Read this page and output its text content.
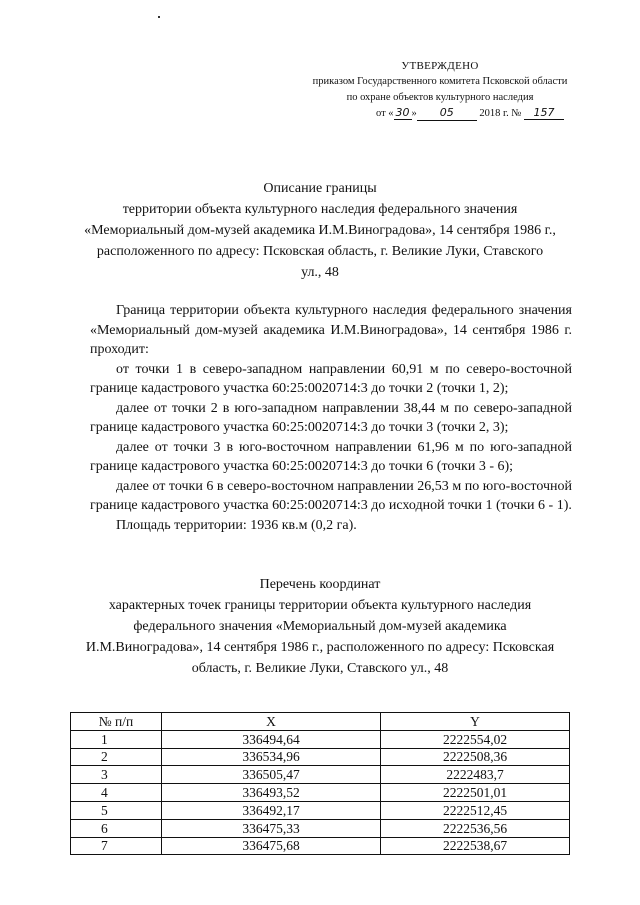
УТВЕРЖДЕНО
приказом Государственного комитета Псковской области
по охране объектов культурного наследия
от « 30 » 05 2018 г. № 157
Описание границы
территории объекта культурного наследия федерального значения
«Мемориальный дом-музей академика И.М.Виноградова», 14 сентября 1986 г.,
расположенного по адресу: Псковская область, г. Великие Луки, Ставского
ул., 48

Граница территории объекта культурного наследия федерального значения «Мемориальный дом-музей академика И.М.Виноградова», 14 сентября 1986 г. проходит:

от точки 1 в северо-западном направлении 60,91 м по северо-восточной границе кадастрового участка 60:25:0020714:3 до точки 2 (точки 1, 2);

далее от точки 2 в юго-западном направлении 38,44 м по северо-западной границе кадастрового участка 60:25:0020714:3 до точки 3 (точки 2, 3);

далее от точки 3 в юго-восточном направлении 61,96 м по юго-западной границе кадастрового участка 60:25:0020714:3 до точки 6 (точки 3 - 6);

далее от точки 6 в северо-восточном направлении 26,53 м по юго-восточной границе кадастрового участка 60:25:0020714:3 до исходной точки 1 (точки 6 - 1).

Площадь территории: 1936 кв.м (0,2 га).

Перечень координат
характерных точек границы территории объекта культурного наследия
федерального значения «Мемориальный дом-музей академика
И.М.Виноградова», 14 сентября 1986 г., расположенного по адресу: Псковская
область, г. Великие Луки, Ставского ул., 48
№ п/п	X	Y
1	336494,64	2222554,02
2	336534,96	2222508,36
3	336505,47	2222483,7
4	336493,52	2222501,01
5	336492,17	2222512,45
6	336475,33	2222536,56
7	336475,68	2222538,67
